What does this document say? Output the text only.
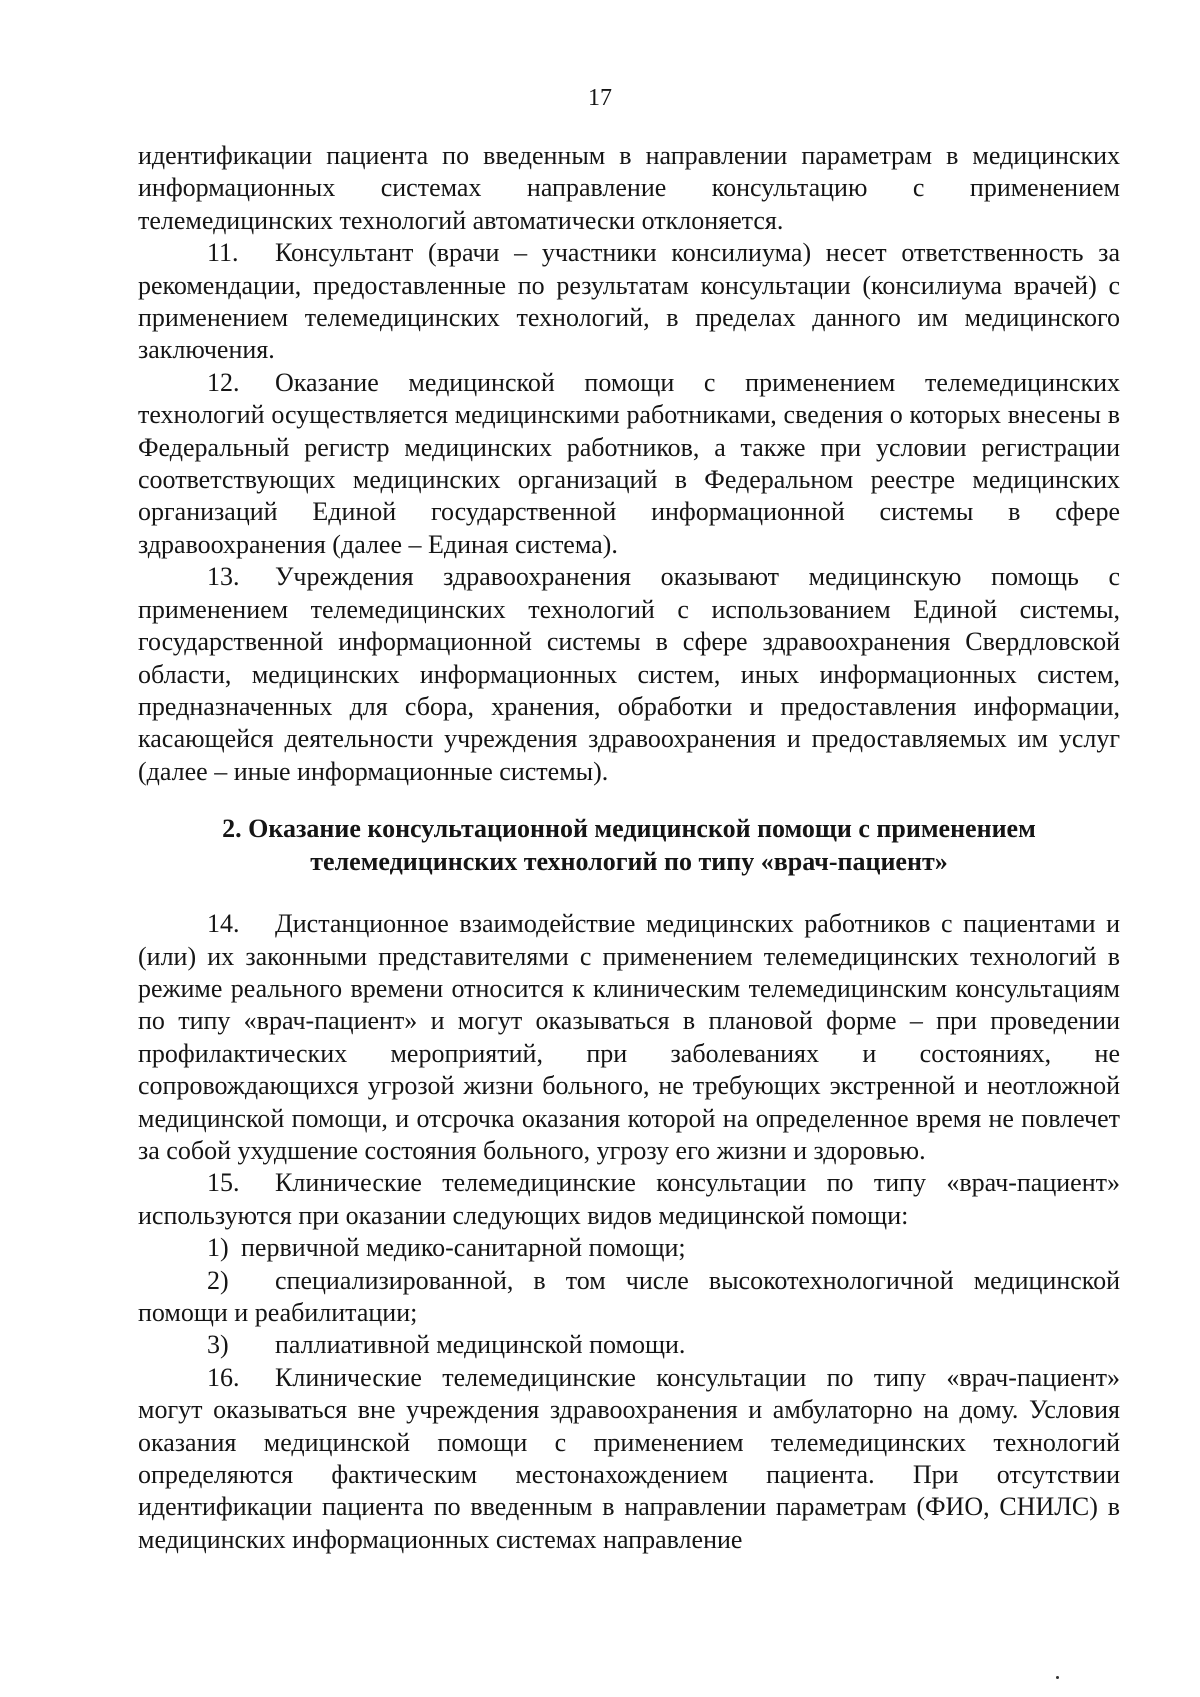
17

идентификации пациента по введенным в направлении параметрам в медицинских информационных системах направление консультацию с применением телемедицинских технологий автоматически отклоняется.

11. Консультант (врачи – участники консилиума) несет ответственность за рекомендации, предоставленные по результатам консультации (консилиума врачей) с применением телемедицинских технологий, в пределах данного им медицинского заключения.

12. Оказание медицинской помощи с применением телемедицинских технологий осуществляется медицинскими работниками, сведения о которых внесены в Федеральный регистр медицинских работников, а также при условии регистрации соответствующих медицинских организаций в Федеральном реестре медицинских организаций Единой государственной информационной системы в сфере здравоохранения (далее – Единая система).

13. Учреждения здравоохранения оказывают медицинскую помощь с применением телемедицинских технологий с использованием Единой системы, государственной информационной системы в сфере здравоохранения Свердловской области, медицинских информационных систем, иных информационных систем, предназначенных для сбора, хранения, обработки и предоставления информации, касающейся деятельности учреждения здравоохранения и предоставляемых им услуг (далее – иные информационные системы).

2. Оказание консультационной медицинской помощи с применением
телемедицинских технологий по типу «врач-пациент»

14. Дистанционное взаимодействие медицинских работников с пациентами и (или) их законными представителями с применением телемедицинских технологий в режиме реального времени относится к клиническим телемедицинским консультациям по типу «врач-пациент» и могут оказываться в плановой форме – при проведении профилактических мероприятий, при заболеваниях и состояниях, не сопровождающихся угрозой жизни больного, не требующих экстренной и неотложной медицинской помощи, и отсрочка оказания которой на определенное время не повлечет за собой ухудшение состояния больного, угрозу его жизни и здоровью.

15. Клинические телемедицинские консультации по типу «врач-пациент» используются при оказании следующих видов медицинской помощи:

1) первичной медико-санитарной помощи;

2) специализированной, в том числе высокотехнологичной медицинской помощи и реабилитации;

3) паллиативной медицинской помощи.

16. Клинические телемедицинские консультации по типу «врач-пациент» могут оказываться вне учреждения здравоохранения и амбулаторно на дому. Условия оказания медицинской помощи с применением телемедицинских технологий определяются фактическим местонахождением пациента. При отсутствии идентификации пациента по введенным в направлении параметрам (ФИО, СНИЛС) в медицинских информационных системах направление
